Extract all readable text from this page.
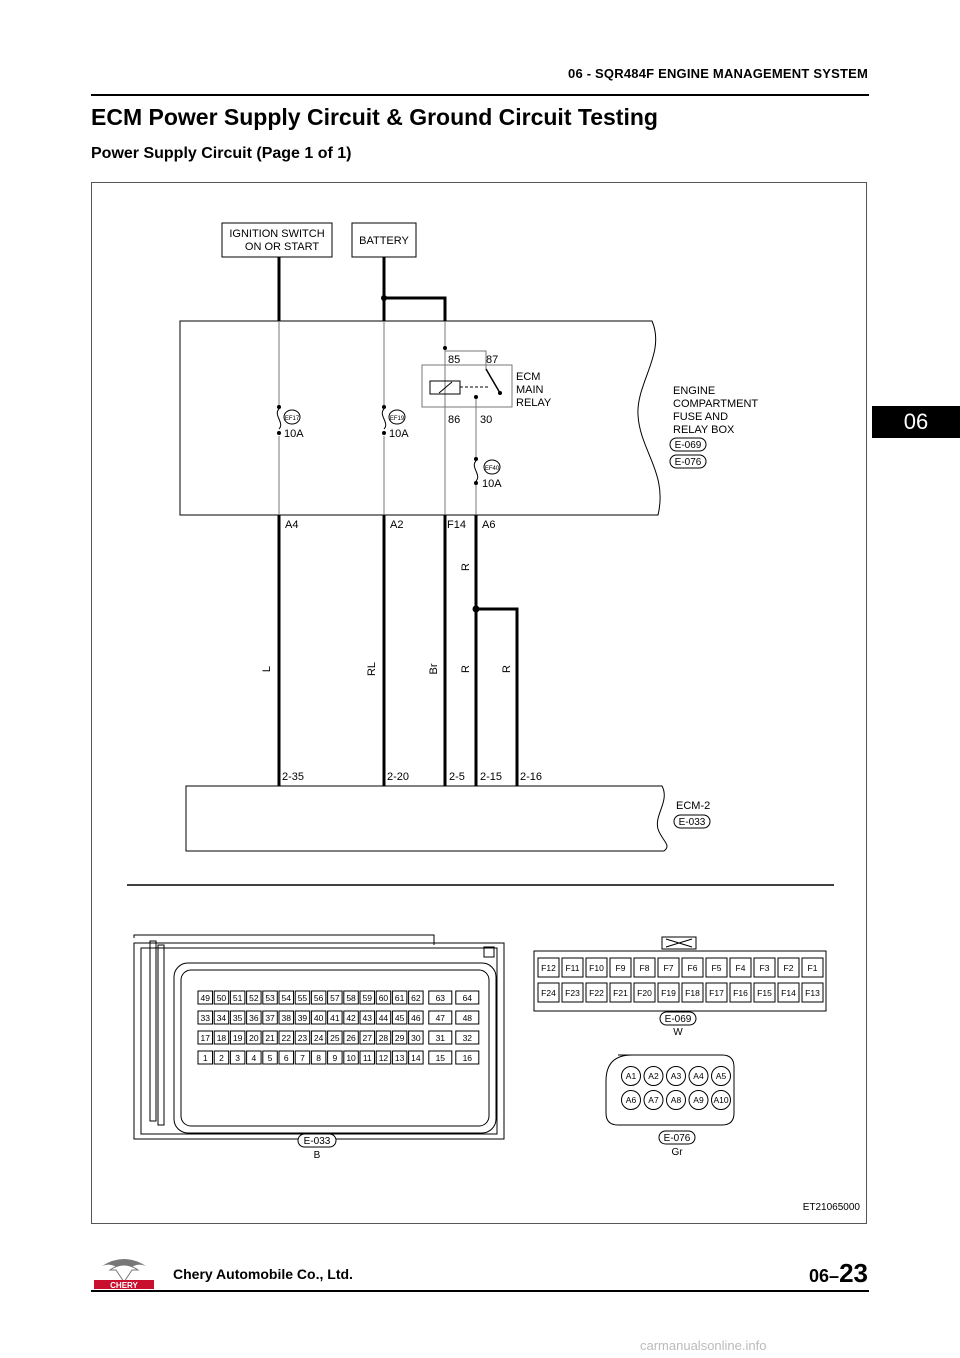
06 - SQR484F ENGINE MANAGEMENT SYSTEM
ECM Power Supply Circuit & Ground Circuit Testing
Power Supply Circuit (Page 1 of 1)
06
IGNITION SWITCH
ON OR START	BATTERY
85 87
86 30
ECM
MAIN
RELAY
EF17
10A
EF19
10A
EF40
10A
ENGINE
COMPARTMENT
FUSE AND
RELAY BOX
E-069
E-076
A4	A2	F14 A6
L	RL	Br
R
R	R
2-35	2-20	2-5 2-15 2-16
ECM-2
E-033
49 50 51 52 53 54 55 56 57 58 59 60 61 62 63 64
33 34 35 36 37 38 39 40 41 42 43 44 45 46 47 48
17 18 19 20 21 22 23 24 25 26 27 28 29 30 31 32
1 2 3 4 5 6 7 8 9 10 11 12 13 14 15 16
E-033
B
F12 F11 F10 F9 F8 F7 F6 F5 F4 F3 F2 F1
F24 F23 F22 F21 F20 F19 F18 F17 F16 F15 F14 F13
E-069
W
A1 A2 A3 A4 A5
A6 A7 A8 A9 A10
E-076
Gr
ET21065000
CHERY
Chery Automobile Co., Ltd.	06–23
carmanualsonline.info
